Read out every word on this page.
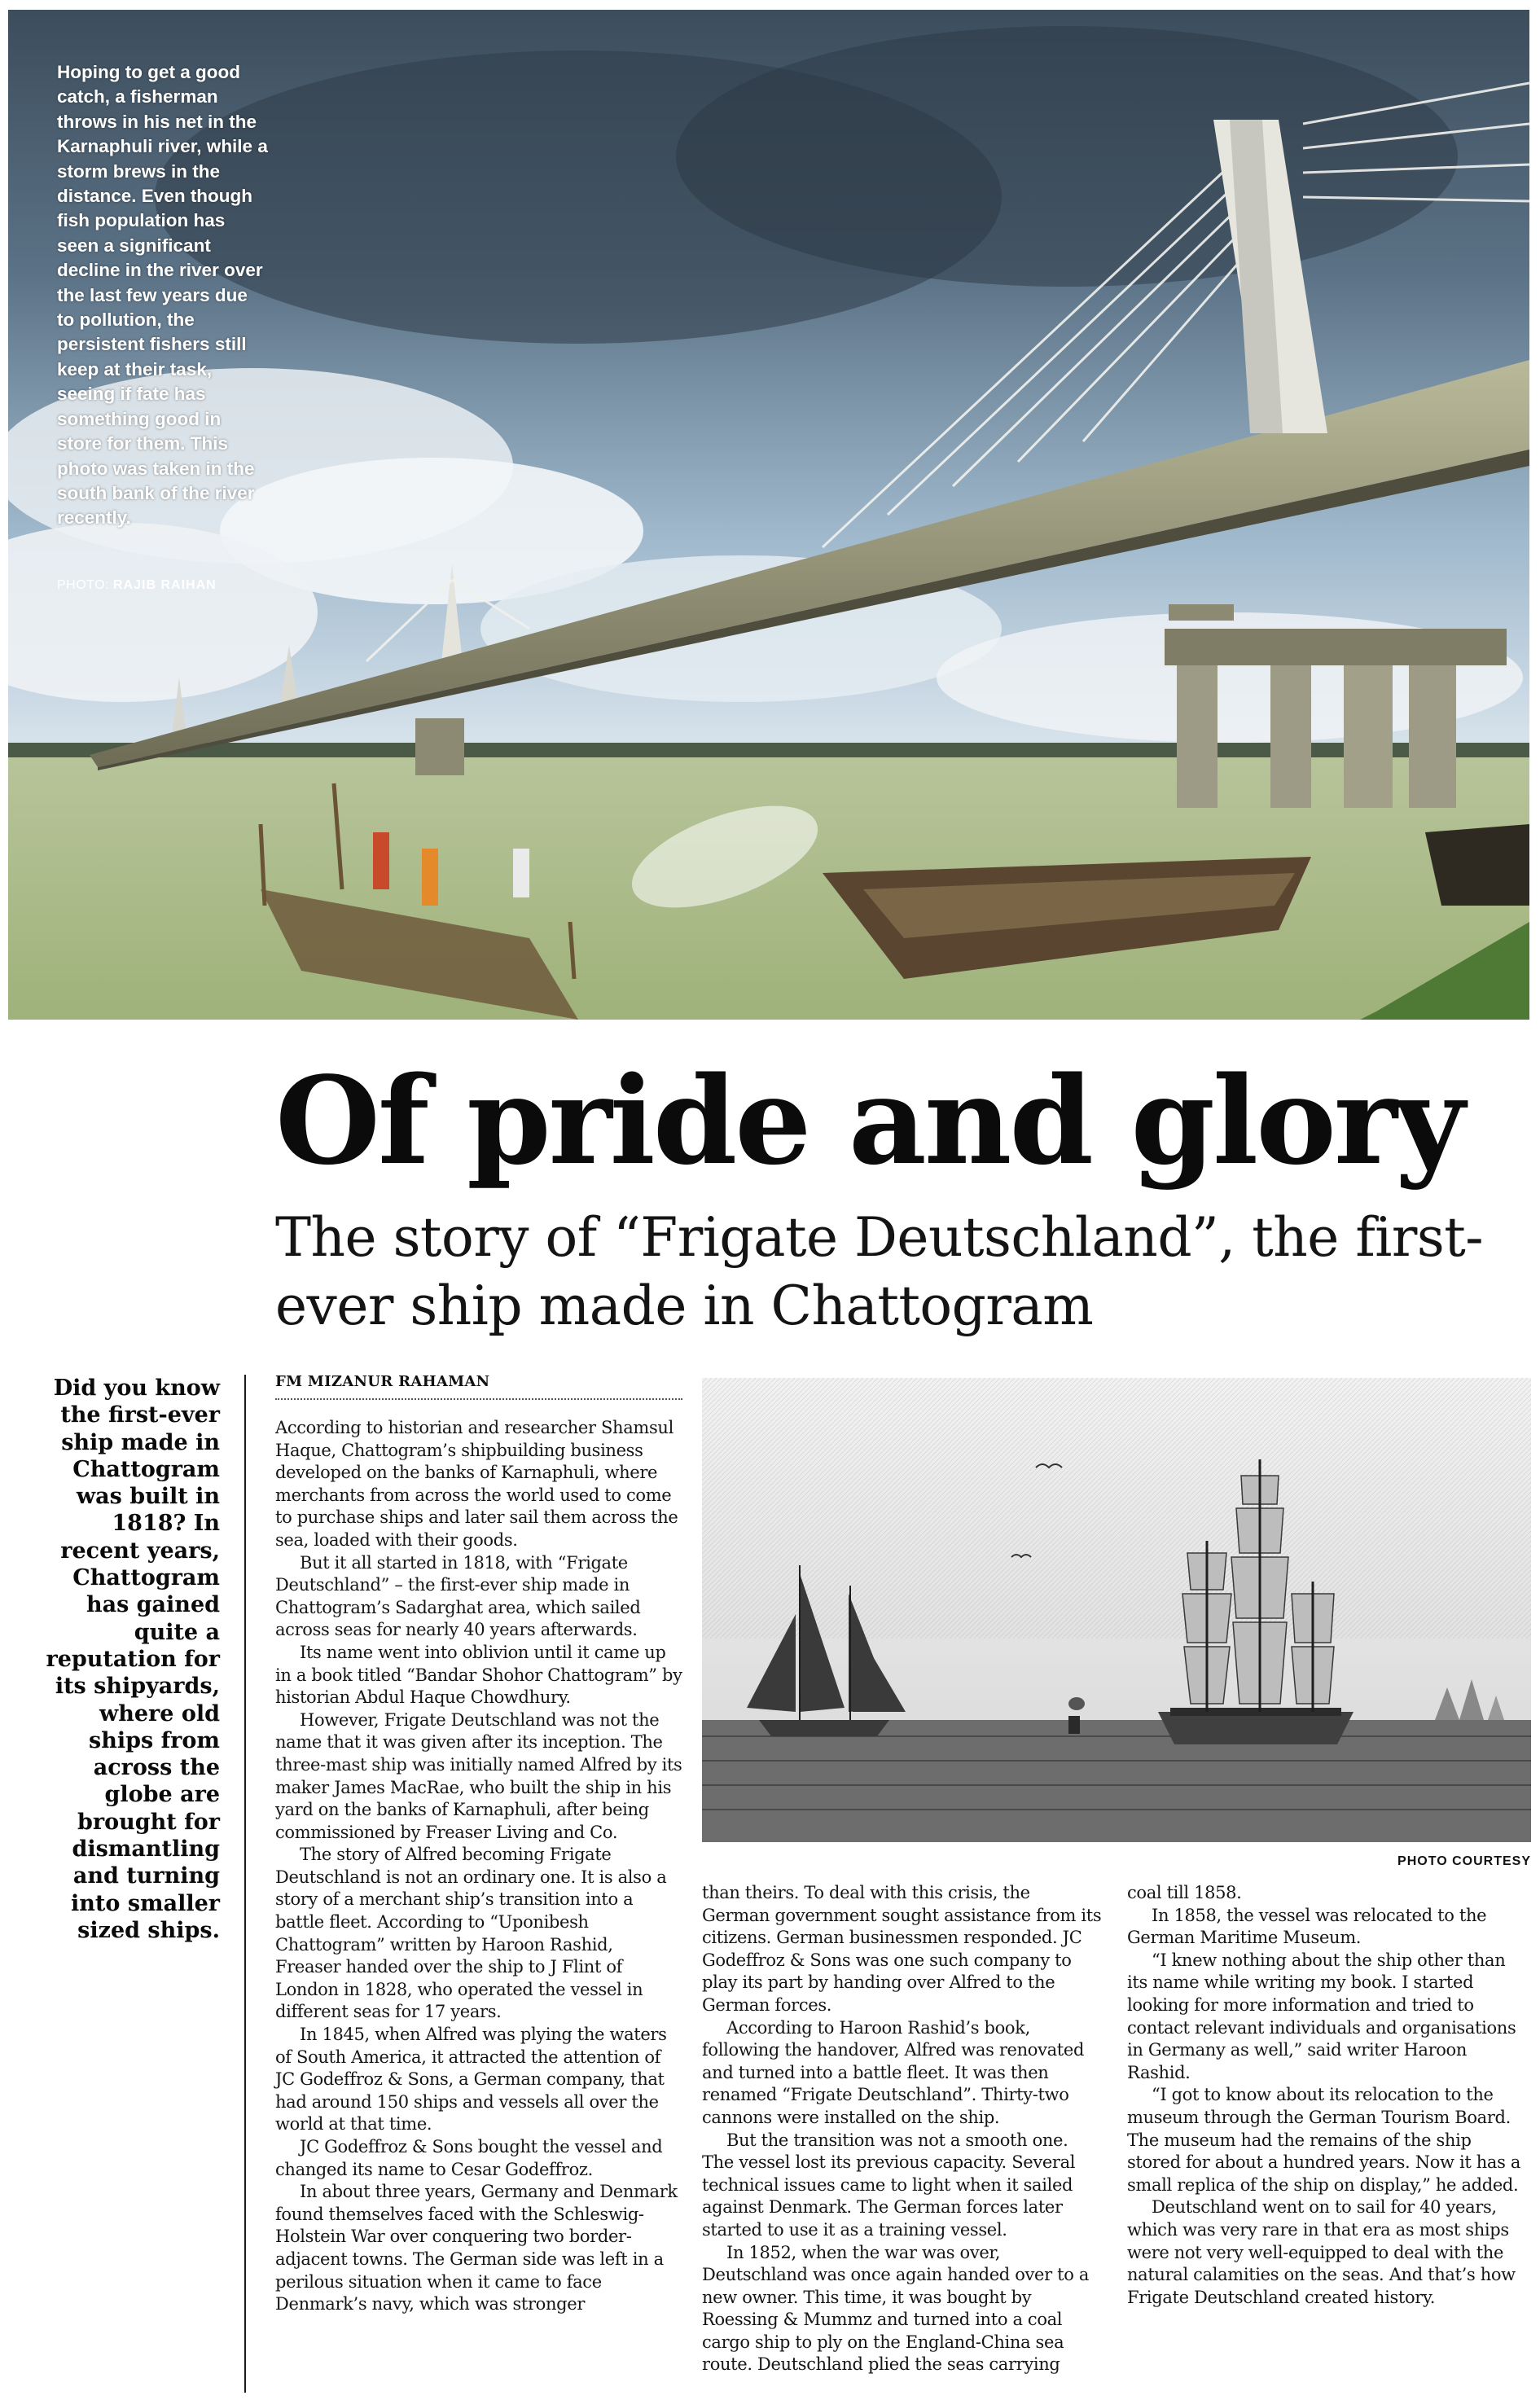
Hoping to get a good catch, a fisherman throws in his net in the Karnaphuli river, while a storm brews in the distance. Even though fish population has seen a significant decline in the river over the last few years due to pollution, the persistent fishers still keep at their task, seeing if fate has something good in store for them. This photo was taken in the south bank of the river recently.
PHOTO: RAJIB RAIHAN
Of pride and glory
The story of “Frigate Deutschland”, the first-ever ship made in Chattogram

Did you know the first-ever ship made in Chattogram was built in 1818? In recent years, Chattogram has gained quite a reputation for its shipyards, where old ships from across the globe are brought for dismantling and turning into smaller sized ships.

FM MIZANUR RAHAMAN

According to historian and researcher Shamsul Haque, Chattogram’s shipbuilding business developed on the banks of Karnaphuli, where merchants from across the world used to come to purchase ships and later sail them across the sea, loaded with their goods.

But it all started in 1818, with “Frigate Deutschland” – the first-ever ship made in Chattogram’s Sadarghat area, which sailed across seas for nearly 40 years afterwards.

Its name went into oblivion until it came up in a book titled “Bandar Shohor Chattogram” by historian Abdul Haque Chowdhury.

However, Frigate Deutschland was not the name that it was given after its inception. The three-mast ship was initially named Alfred by its maker James MacRae, who built the ship in his yard on the banks of Karnaphuli, after being commissioned by Freaser Living and Co.

The story of Alfred becoming Frigate Deutschland is not an ordinary one. It is also a story of a merchant ship’s transition into a battle fleet. According to “Uponibesh Chattogram” written by Haroon Rashid, Freaser handed over the ship to J Flint of London in 1828, who operated the vessel in different seas for 17 years.

In 1845, when Alfred was plying the waters of South America, it attracted the attention of JC Godeffroz & Sons, a German company, that had around 150 ships and vessels all over the world at that time.

JC Godeffroz & Sons bought the vessel and changed its name to Cesar Godeffroz.

In about three years, Germany and Denmark found themselves faced with the Schleswig-Holstein War over conquering two border-adjacent towns. The German side was left in a perilous situation when it came to face Denmark’s navy, which was stronger

PHOTO COURTESY

than theirs. To deal with this crisis, the German government sought assistance from its citizens. German businessmen responded. JC Godeffroz & Sons was one such company to play its part by handing over Alfred to the German forces.

According to Haroon Rashid’s book, following the handover, Alfred was renovated and turned into a battle fleet. It was then renamed “Frigate Deutschland”. Thirty-two cannons were installed on the ship.

But the transition was not a smooth one. The vessel lost its previous capacity. Several technical issues came to light when it sailed against Denmark. The German forces later started to use it as a training vessel.

In 1852, when the war was over, Deutschland was once again handed over to a new owner. This time, it was bought by Roessing & Mummz and turned into a coal cargo ship to ply on the England-China sea route. Deutschland plied the seas carrying

coal till 1858.

In 1858, the vessel was relocated to the German Maritime Museum.

“I knew nothing about the ship other than its name while writing my book. I started looking for more information and tried to contact relevant individuals and organisations in Germany as well,” said writer Haroon Rashid.

“I got to know about its relocation to the museum through the German Tourism Board. The museum had the remains of the ship stored for about a hundred years. Now it has a small replica of the ship on display,” he added.

Deutschland went on to sail for 40 years, which was very rare in that era as most ships were not very well-equipped to deal with the natural calamities on the seas. And that’s how Frigate Deutschland created history.
